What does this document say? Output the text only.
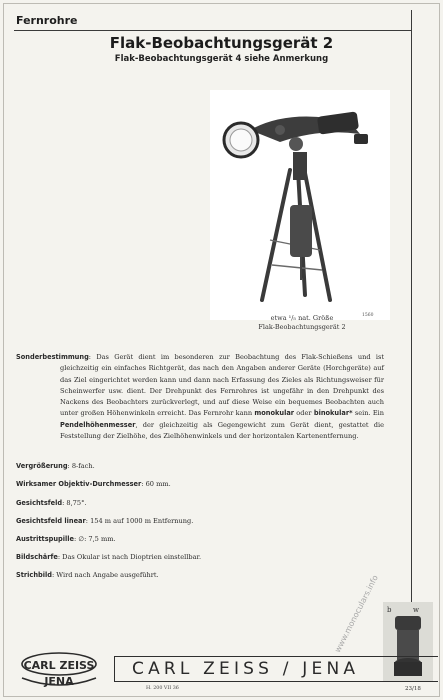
Fernrohre
Flak-Beobachtungsgerät 2
Flak-Beobachtungsgerät 4 siehe Anmerkung
etwa ¹/₅ nat. Größe
Flak-Beobachtungsgerät 2
1560
Sonderbestimmung: Das Gerät dient im besonderen zur Beobachtung des Flak-Schießens und ist gleichzeitig ein einfaches Richtgerät, das nach den Angaben anderer Geräte (Horchgeräte) auf das Ziel eingerichtet werden kann und dann nach Erfassung des Zieles als Richtungsweiser für Scheinwerfer usw. dient. Der Drehpunkt des Fernrohres ist ungefähr in den Drehpunkt des Nackens des Beobachters zurückverlegt, und auf diese Weise ein bequemes Beobachten auch unter großen Höhenwinkeln erreicht. Das Fernrohr kann monokular oder binokular* sein. Ein Pendelhöhenmesser, der gleichzeitig als Gegengewicht zum Gerät dient, gestattet die Feststellung der Zielhöhe, des Zielhöhenwinkels und der horizontalen Kartenentfernung.
Vergrößerung: 8-fach.
Wirksamer Objektiv-Durchmesser: 60 mm.
Gesichtsfeld: 8,75°.
Gesichtsfeld linear: 154 m auf 1000 m Entfernung.
Austrittspupille: ∅: 7,5 mm.
Bildschärfe: Das Okular ist nach Dioptrien einstellbar.
Strichbild: Wird nach Angabe ausgeführt.
b	w
CARL ZEISS
JENA
CARL ZEISS / JENA
H. 200 VII 36	23/18
www.monoculars.info
